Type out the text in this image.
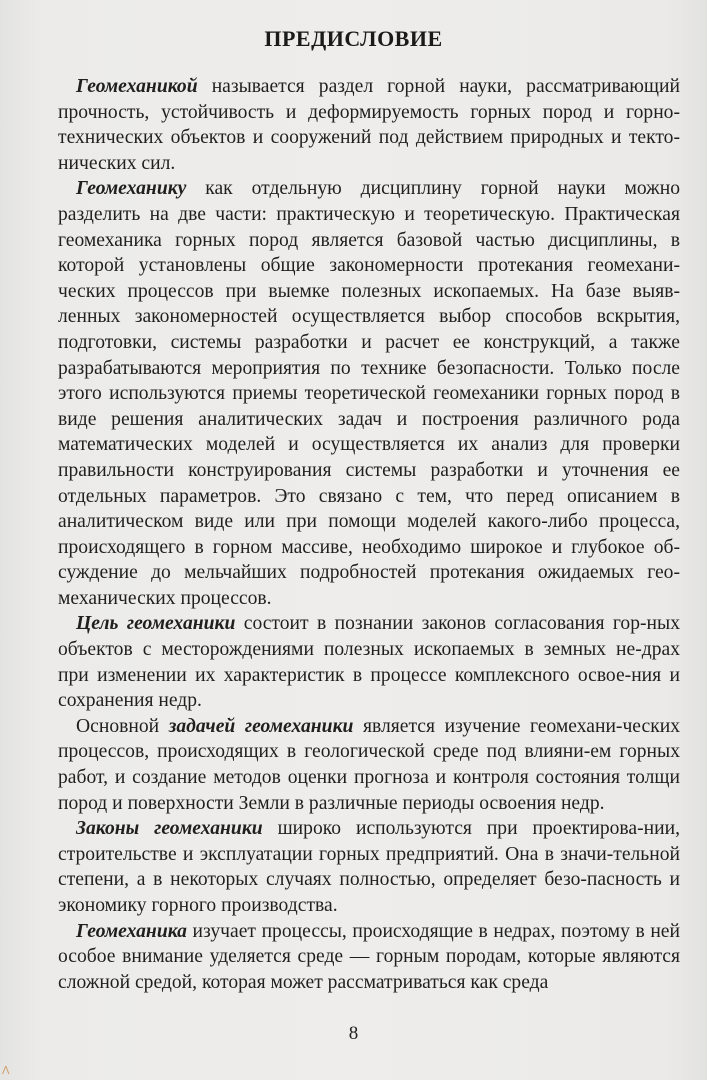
ПРЕДИСЛОВИЕ

Геомеханикой называется раздел горной науки, рассматривающий прочность, устойчивость и деформируемость горных пород и горно-технических объектов и сооружений под действием природных и текто-нических сил.

Геомеханику как отдельную дисциплину горной науки можно разделить на две части: практическую и теоретическую. Практическая геомеханика горных пород является базовой частью дисциплины, в которой установлены общие закономерности протекания геомехани-ческих процессов при выемке полезных ископаемых. На базе выяв-ленных закономерностей осуществляется выбор способов вскрытия, подготовки, системы разработки и расчет ее конструкций, а также разрабатываются мероприятия по технике безопасности. Только после этого используются приемы теоретической геомеханики горных пород в виде решения аналитических задач и построения различного рода математических моделей и осуществляется их анализ для проверки правильности конструирования системы разработки и уточнения ее отдельных параметров. Это связано с тем, что перед описанием в аналитическом виде или при помощи моделей какого-либо процесса, происходящего в горном массиве, необходимо широкое и глубокое об-суждение до мельчайших подробностей протекания ожидаемых гео-механических процессов.

Цель геомеханики состоит в познании законов согласования гор-ных объектов с месторождениями полезных ископаемых в земных не-драх при изменении их характеристик в процессе комплексного освое-ния и сохранения недр.

Основной задачей геомеханики является изучение геомехани-ческих процессов, происходящих в геологической среде под влияни-ем горных работ, и создание методов оценки прогноза и контроля состояния толщи пород и поверхности Земли в различные периоды освоения недр.

Законы геомеханики широко используются при проектирова-нии, строительстве и эксплуатации горных предприятий. Она в значи-тельной степени, а в некоторых случаях полностью, определяет безо-пасность и экономику горного производства.

Геомеханика изучает процессы, происходящие в недрах, поэтому в ней особое внимание уделяется среде — горным породам, которые являются сложной средой, которая может рассматриваться как среда

8
Λ
